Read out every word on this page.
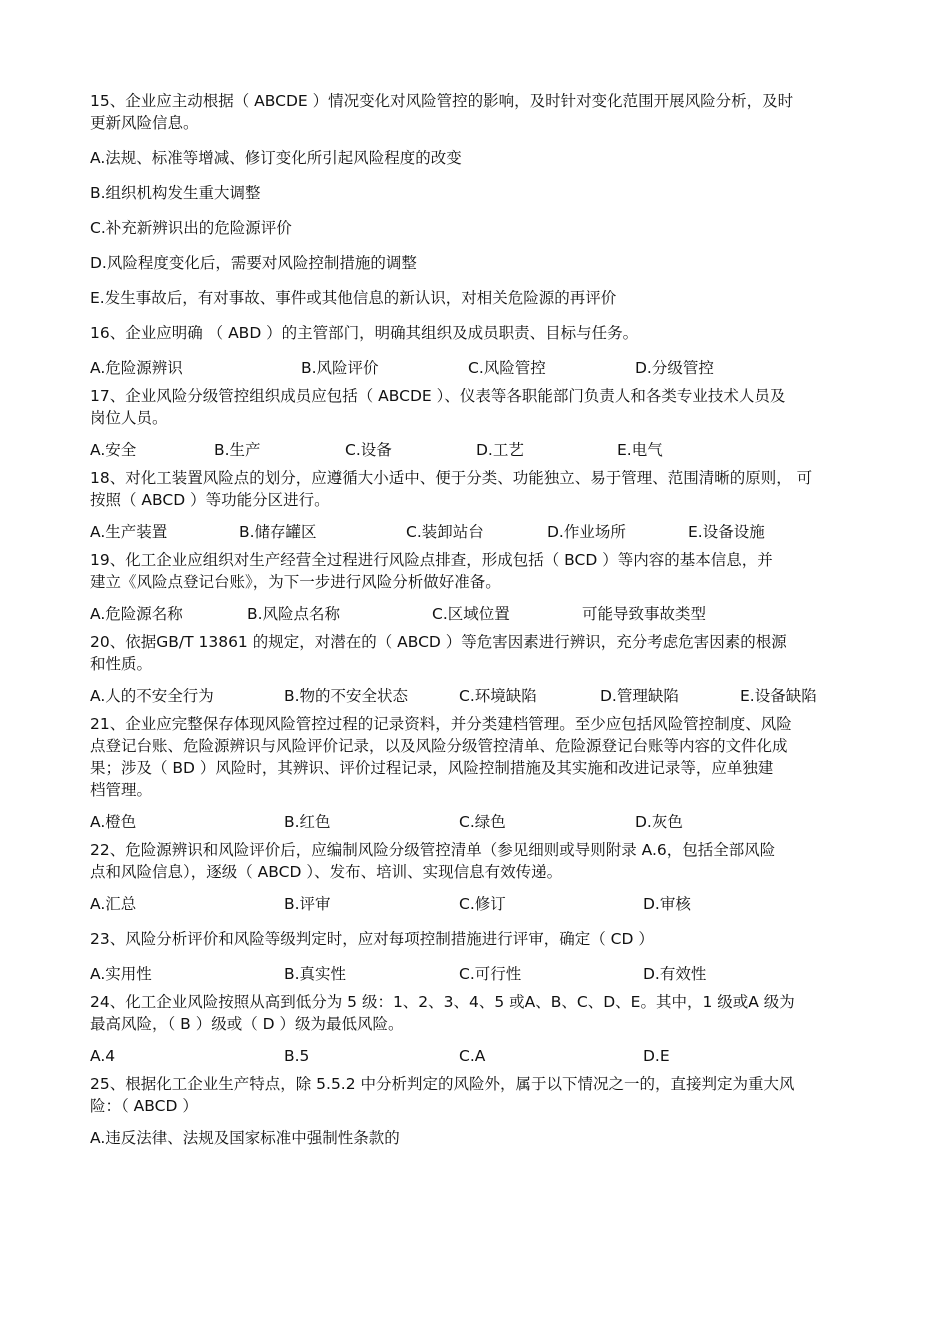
15、企业应主动根据（ ABCDE ）情况变化对风险管控的影响，及时针对变化范围开展风险分析，及时
更新风险信息。
A.法规、标准等增减、修订变化所引起风险程度的改变
B.组织机构发生重大调整
C.补充新辨识出的危险源评价
D.风险程度变化后，需要对风险控制措施的调整
E.发生事故后，有对事故、事件或其他信息的新认识，对相关危险源的再评价
16、企业应明确 （ ABD ）的主管部门，明确其组织及成员职责、目标与任务。
A.危险源辨识	B.风险评价	C.风险管控	D.分级管控
17、企业风险分级管控组织成员应包括（ ABCDE ）、仪表等各职能部门负责人和各类专业技术人员及
岗位人员。
A.安全	B.生产	C.设备	D.工艺	E.电气
18、对化工装置风险点的划分，应遵循大小适中、便于分类、功能独立、易于管理、范围清晰的原则， 可
按照（ ABCD ）等功能分区进行。
A.生产装置	B.储存罐区	C.装卸站台	D.作业场所	E.设备设施
19、化工企业应组织对生产经营全过程进行风险点排查，形成包括（ BCD ）等内容的基本信息，并
建立《风险点登记台账》，为下一步进行风险分析做好准备。
A.危险源名称	B.风险点名称	C.区域位置	可能导致事故类型
20、依据GB/T 13861 的规定，对潜在的（ ABCD ）等危害因素进行辨识，充分考虑危害因素的根源
和性质。
A.人的不安全行为	B.物的不安全状态	C.环境缺陷	D.管理缺陷	E.设备缺陷
21、企业应完整保存体现风险管控过程的记录资料，并分类建档管理。至少应包括风险管控制度、风险
点登记台账、危险源辨识与风险评价记录，以及风险分级管控清单、危险源登记台账等内容的文件化成
果；涉及（ BD ）风险时，其辨识、评价过程记录，风险控制措施及其实施和改进记录等，应单独建
档管理。
A.橙色	B.红色	C.绿色	D.灰色
22、危险源辨识和风险评价后，应编制风险分级管控清单（参见细则或导则附录 A.6，包括全部风险
点和风险信息），逐级（ ABCD ）、发布、培训、实现信息有效传递。
A.汇总	B.评审	C.修订	D.审核
23、风险分析评价和风险等级判定时，应对每项控制措施进行评审，确定（ CD ）
A.实用性	B.真实性	C.可行性	D.有效性
24、化工企业风险按照从高到低分为 5 级：1、2、3、4、5 或A、B、C、D、E。其中，1 级或A 级为
最高风险，（ B ）级或（ D ）级为最低风险。
A.4	B.5	C.A	D.E
25、根据化工企业生产特点，除 5.5.2 中分析判定的风险外，属于以下情况之一的，直接判定为重大风
险：（ ABCD ）
A.违反法律、法规及国家标准中强制性条款的
